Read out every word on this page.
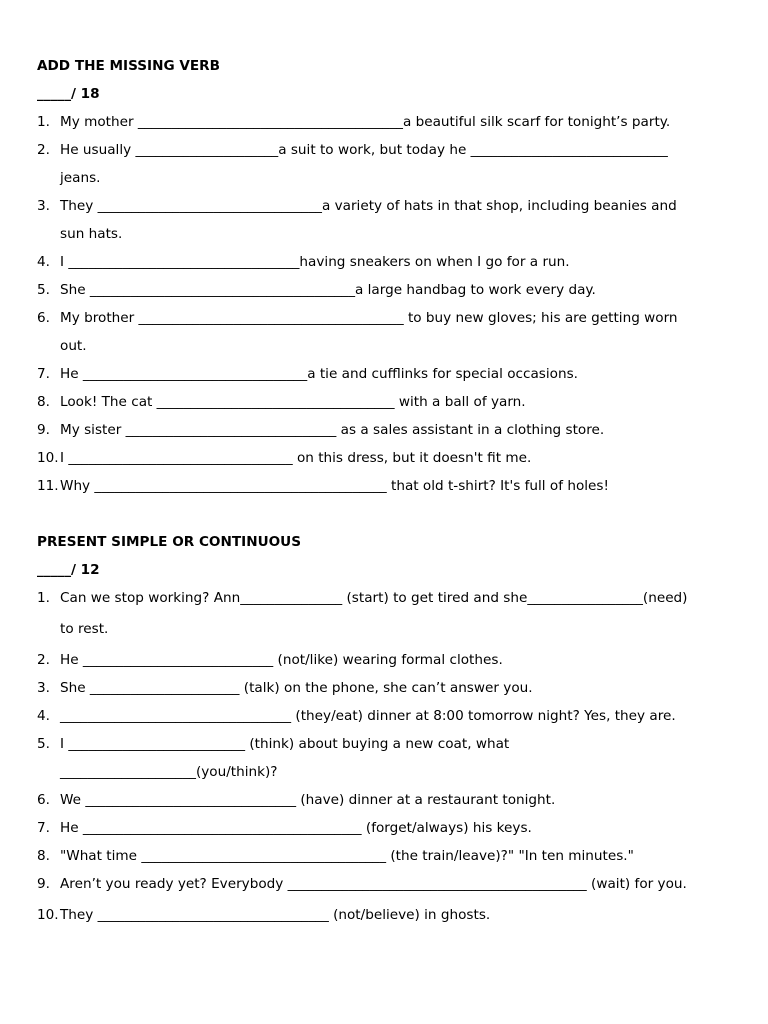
ADD THE MISSING VERB
_____/ 18
1. My mother _______________________________________a beautiful silk scarf for tonight’s party.
2. He usually _____________________a suit to work, but today he _____________________________
jeans.
3. They _________________________________a variety of hats in that shop, including beanies and
sun hats.
4. I __________________________________having sneakers on when I go for a run.
5. She _______________________________________a large handbag to work every day.
6. My brother _______________________________________ to buy new gloves; his are getting worn
out.
7. He _________________________________a tie and cufflinks for special occasions.
8. Look! The cat ___________________________________ with a ball of yarn.
9. My sister _______________________________ as a sales assistant in a clothing store.
10. I _________________________________ on this dress, but it doesn't fit me.
11. Why ___________________________________________ that old t-shirt? It's full of holes!
PRESENT SIMPLE OR CONTINUOUS
_____/ 12
1. Can we stop working? Ann_______________ (start) to get tired and she_________________(need)
to rest.
2. He ____________________________ (not/like) wearing formal clothes.
3. She ______________________ (talk) on the phone, she can’t answer you.
4. __________________________________ (they/eat) dinner at 8:00 tomorrow night? Yes, they are.
5. I __________________________ (think) about buying a new coat, what
____________________(you/think)?
6. We _______________________________ (have) dinner at a restaurant tonight.
7. He _________________________________________ (forget/always) his keys.
8. "What time ____________________________________ (the train/leave)?" "In ten minutes."
9. Aren’t you ready yet? Everybody ____________________________________________ (wait) for you.
10. They __________________________________ (not/believe) in ghosts.
